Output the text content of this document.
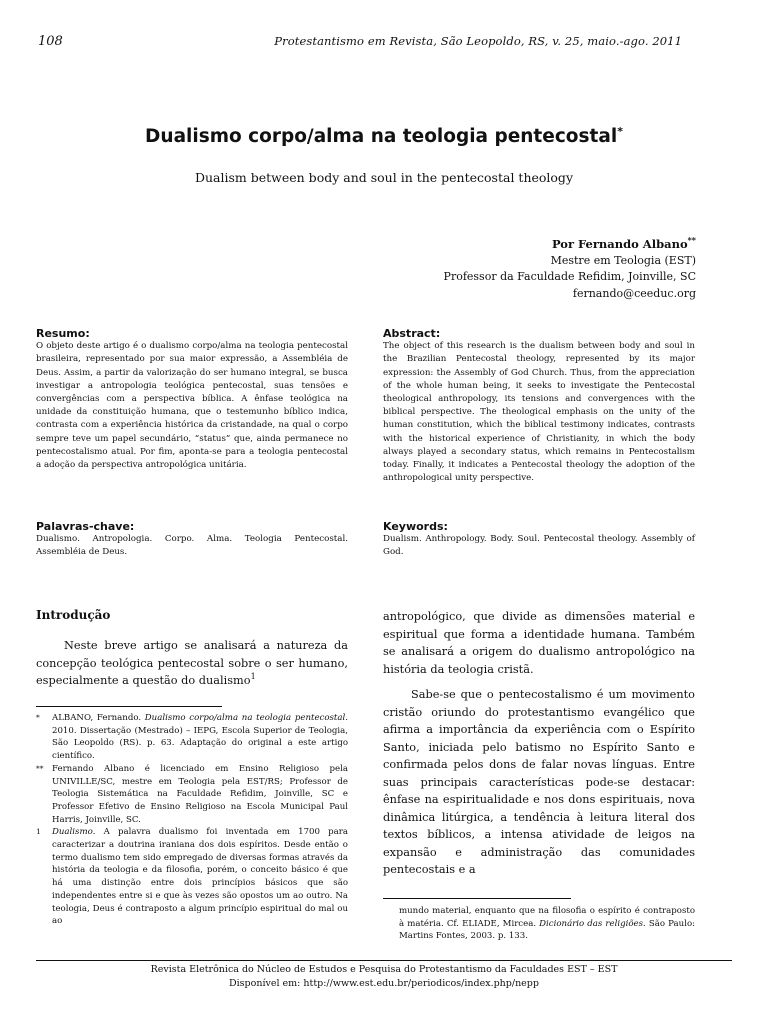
108	Protestantismo em Revista, São Leopoldo, RS, v. 25, maio.-ago. 2011
Dualismo corpo/alma na teologia pentecostal*
Dualism between body and soul in the pentecostal theology
Por Fernando Albano**
Mestre em Teologia (EST)
Professor da Faculdade Refidim, Joinville, SC
fernando@ceeduc.org
Resumo:
O objeto deste artigo é o dualismo corpo/alma na teologia pentecostal brasileira, representado por sua maior expressão, a Assembléia de Deus. Assim, a partir da valorização do ser humano integral, se busca investigar a antropologia teológica pentecostal, suas tensões e convergências com a perspectiva bíblica. A ênfase teológica na unidade da constituição humana, que o testemunho bíblico indica, contrasta com a experiência histórica da cristandade, na qual o corpo sempre teve um papel secundário, “status” que, ainda permanece no pentecostalismo atual. Por fim, aponta-se para a teologia pentecostal a adoção da perspectiva antropológica unitária.
Abstract:
The object of this research is the dualism between body and soul in the Brazilian Pentecostal theology, represented by its major expression: the Assembly of God Church. Thus, from the appreciation of the whole human being, it seeks to investigate the Pentecostal theological anthropology, its tensions and convergences with the biblical perspective. The theological emphasis on the unity of the human constitution, which the biblical testimony indicates, contrasts with the historical experience of Christianity, in which the body always played a secondary status, which remains in Pentecostalism today. Finally, it indicates a Pentecostal theology the adoption of the anthropological unity perspective.
Palavras-chave:
Dualismo. Antropologia. Corpo. Alma. Teologia Pentecostal. Assembléia de Deus.
Keywords:
Dualism. Anthropology. Body. Soul. Pentecostal theology. Assembly of God.
Introdução

Neste breve artigo se analisará a natureza da concepção teológica pentecostal sobre o ser humano, especialmente a questão do dualismo$^1$

* ALBANO, Fernando. Dualismo corpo/alma na teologia pentecostal. 2010. Dissertação (Mestrado) – IEPG, Escola Superior de Teologia, São Leopoldo (RS). p. 63. Adaptação do original a este artigo científico.
** Fernando Albano é licenciado em Ensino Religioso pela UNIVILLE/SC, mestre em Teologia pela EST/RS; Professor de Teologia Sistemática na Faculdade Refidim, Joinville, SC e Professor Efetivo de Ensino Religioso na Escola Municipal Paul Harris, Joinville, SC.
1 Dualismo. A palavra dualismo foi inventada em 1700 para caracterizar a doutrina iraniana dos dois espíritos. Desde então o termo dualismo tem sido empregado de diversas formas através da história da teologia e da filosofia, porém, o conceito básico é que há uma distinção entre dois princípios básicos que são independentes entre si e que às vezes são opostos um ao outro. Na teologia, Deus é contraposto a algum princípio espiritual do mal ou ao

antropológico, que divide as dimensões material e espiritual que forma a identidade humana. Também se analisará a origem do dualismo antropológico na história da teologia cristã.

Sabe-se que o pentecostalismo é um movimento cristão oriundo do protestantismo evangélico que afirma a importância da experiência com o Espírito Santo, iniciada pelo batismo no Espírito Santo e confirmada pelos dons de falar novas línguas. Entre suas principais características pode-se destacar: ênfase na espiritualidade e nos dons espirituais, nova dinâmica litúrgica, a tendência à leitura literal dos textos bíblicos, a intensa atividade de leigos na expansão e administração das comunidades pentecostais e a

mundo material, enquanto que na filosofia o espírito é contraposto à matéria. Cf. ELIADE, Mircea. Dicionário das religiões. São Paulo: Martins Fontes, 2003. p. 133.
Revista Eletrônica do Núcleo de Estudos e Pesquisa do Protestantismo da Faculdades EST – EST
Disponível em: http://www.est.edu.br/periodicos/index.php/nepp
